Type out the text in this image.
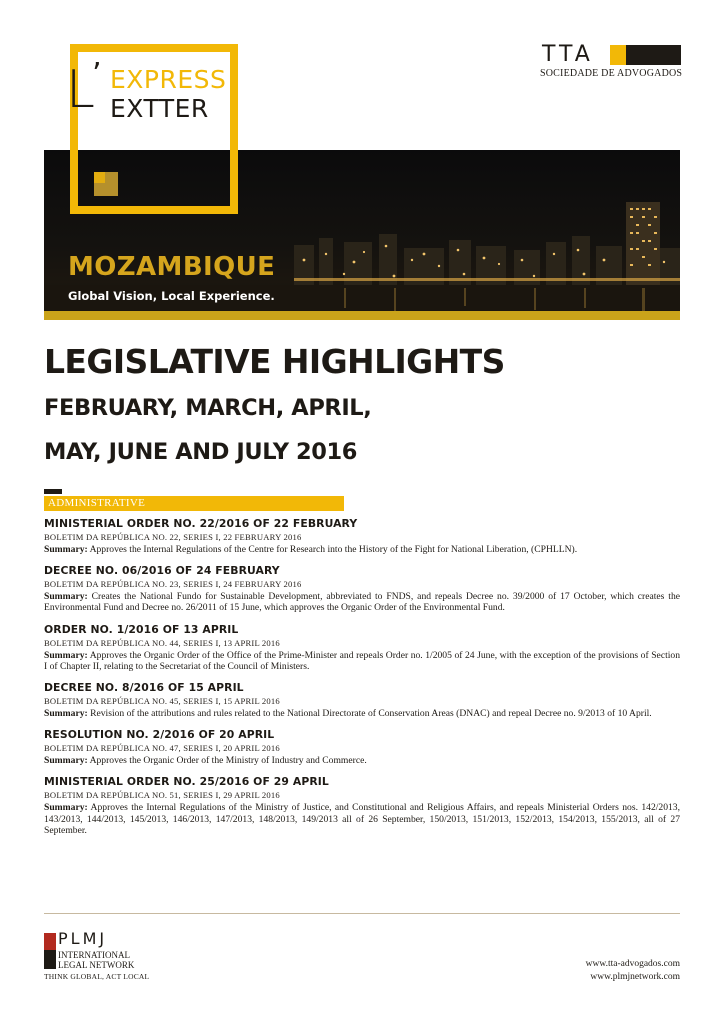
L
’ EXPRESS
EXTTER
TTA
SOCIEDADE DE ADVOGADOS
MOZAMBIQUE
Global Vision, Local Experience.
LEGISLATIVE HIGHLIGHTS
FEBRUARY, MARCH, APRIL,
MAY, JUNE AND JULY 2016
ADMINISTRATIVE
MINISTERIAL ORDER NO. 22/2016 OF 22 FEBRUARY
BOLETIM DA REPÚBLICA NO. 22, SERIES I, 22 FEBRUARY 2016
Summary: Approves the Internal Regulations of the Centre for Research into the History of the Fight for National Liberation, (CPHLLN).
DECREE NO. 06/2016 OF 24 FEBRUARY
BOLETIM DA REPÚBLICA NO. 23, SERIES I, 24 FEBRUARY 2016
Summary: Creates the National Fundo for Sustainable Development, abbreviated to FNDS, and repeals Decree no. 39/2000 of 17 October, which creates the Environmental Fund and Decree no. 26/2011 of 15 June, which approves the Organic Order of the Environmental Fund.
ORDER NO. 1/2016 OF 13 APRIL
BOLETIM DA REPÚBLICA NO. 44, SERIES I, 13 APRIL 2016
Summary: Approves the Organic Order of the Office of the Prime-Minister and repeals Order no. 1/2005 of 24 June, with the exception of the provisions of Section I of Chapter II, relating to the Secretariat of the Council of Ministers.
DECREE NO. 8/2016 OF 15 APRIL
BOLETIM DA REPÚBLICA NO. 45, SERIES I, 15 APRIL 2016
Summary: Revision of the attributions and rules related to the National Directorate of Conservation Areas (DNAC) and repeal Decree no. 9/2013 of 10 April.
RESOLUTION NO. 2/2016 OF 20 APRIL
BOLETIM DA REPÚBLICA NO. 47, SERIES I, 20 APRIL 2016
Summary: Approves the Organic Order of the Ministry of Industry and Commerce.
MINISTERIAL ORDER NO. 25/2016 OF 29 APRIL
BOLETIM DA REPÚBLICA NO. 51, SERIES I, 29 APRIL 2016
Summary: Approves the Internal Regulations of the Ministry of Justice, and Constitutional and Religious Affairs, and repeals Ministerial Orders nos. 142/2013, 143/2013, 144/2013, 145/2013, 146/2013, 147/2013, 148/2013, 149/2013 all of 26 September, 150/2013, 151/2013, 152/2013, 154/2013, 155/2013, all of 27 September.
PLMJ
INTERNATIONAL
LEGAL NETWORK
THINK GLOBAL, ACT LOCAL
www.tta-advogados.com
www.plmjnetwork.com
